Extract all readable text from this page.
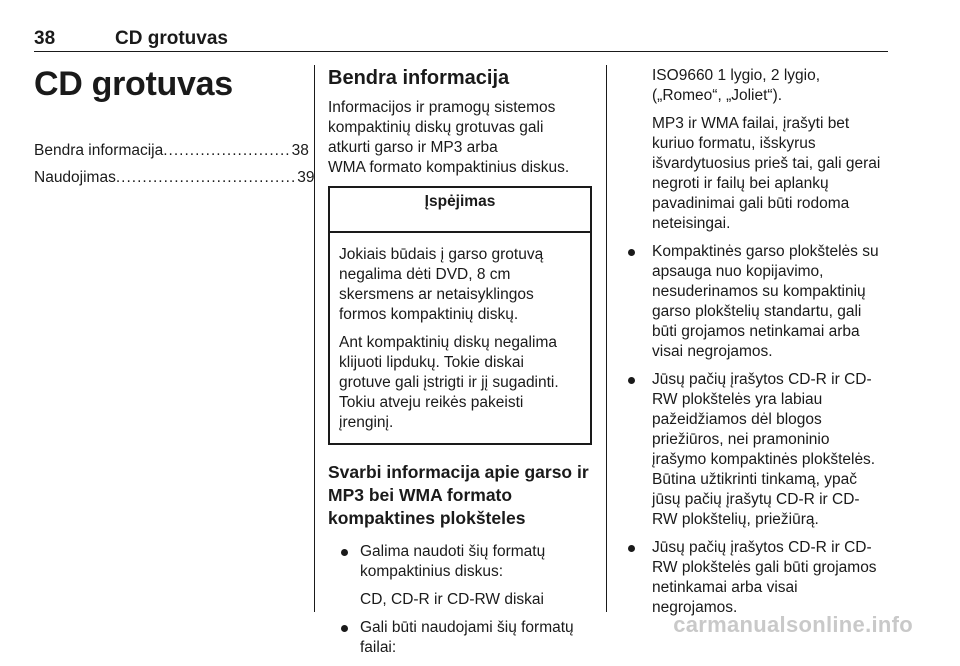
38	CD grotuvas
CD grotuvas
Bendra informacija ........................ 38
Naudojimas .................................. 39
Bendra informacija

Informacijos ir pramogų sistemos
kompaktinių diskų grotuvas gali
atkurti garso ir MP3 arba
WMA formato kompaktinius diskus.

Įspėjimas

Jokiais būdais į garso grotuvą
negalima dėti DVD, 8 cm
skersmens ar netaisyklingos
formos kompaktinių diskų.

Ant kompaktinių diskų negalima
klijuoti lipdukų. Tokie diskai
grotuve gali įstrigti ir jį sugadinti.
Tokiu atveju reikės pakeisti
įrenginį.

Svarbi informacija apie garso ir
MP3 bei WMA formato
kompaktines plokšteles
Galima naudoti šių formatų
kompaktinius diskus:
CD, CD-R ir CD-RW diskai
Gali būti naudojami šių formatų
failai:

ISO9660 1 lygio, 2 lygio,
(„Romeo“, „Joliet“).

MP3 ir WMA failai, įrašyti bet
kuriuo formatu, išskyrus
išvardytuosius prieš tai, gali gerai
negroti ir failų bei aplankų
pavadinimai gali būti rodoma
neteisingai.

Kompaktinės garso plokštelės su
apsauga nuo kopijavimo,
nesuderinamos su kompaktinių
garso plokštelių standartu, gali
būti grojamos netinkamai arba
visai negrojamos.
Jūsų pačių įrašytos CD-R ir CD-
RW plokštelės yra labiau
pažeidžiamos dėl blogos
priežiūros, nei pramoninio
įrašymo kompaktinės plokštelės.
Būtina užtikrinti tinkamą, ypač
jūsų pačių įrašytų CD-R ir CD-
RW plokštelių, priežiūrą.
Jūsų pačių įrašytos CD-R ir CD-
RW plokštelės gali būti grojamos
netinkamai arba visai
negrojamos.
carmanualsonline.info
